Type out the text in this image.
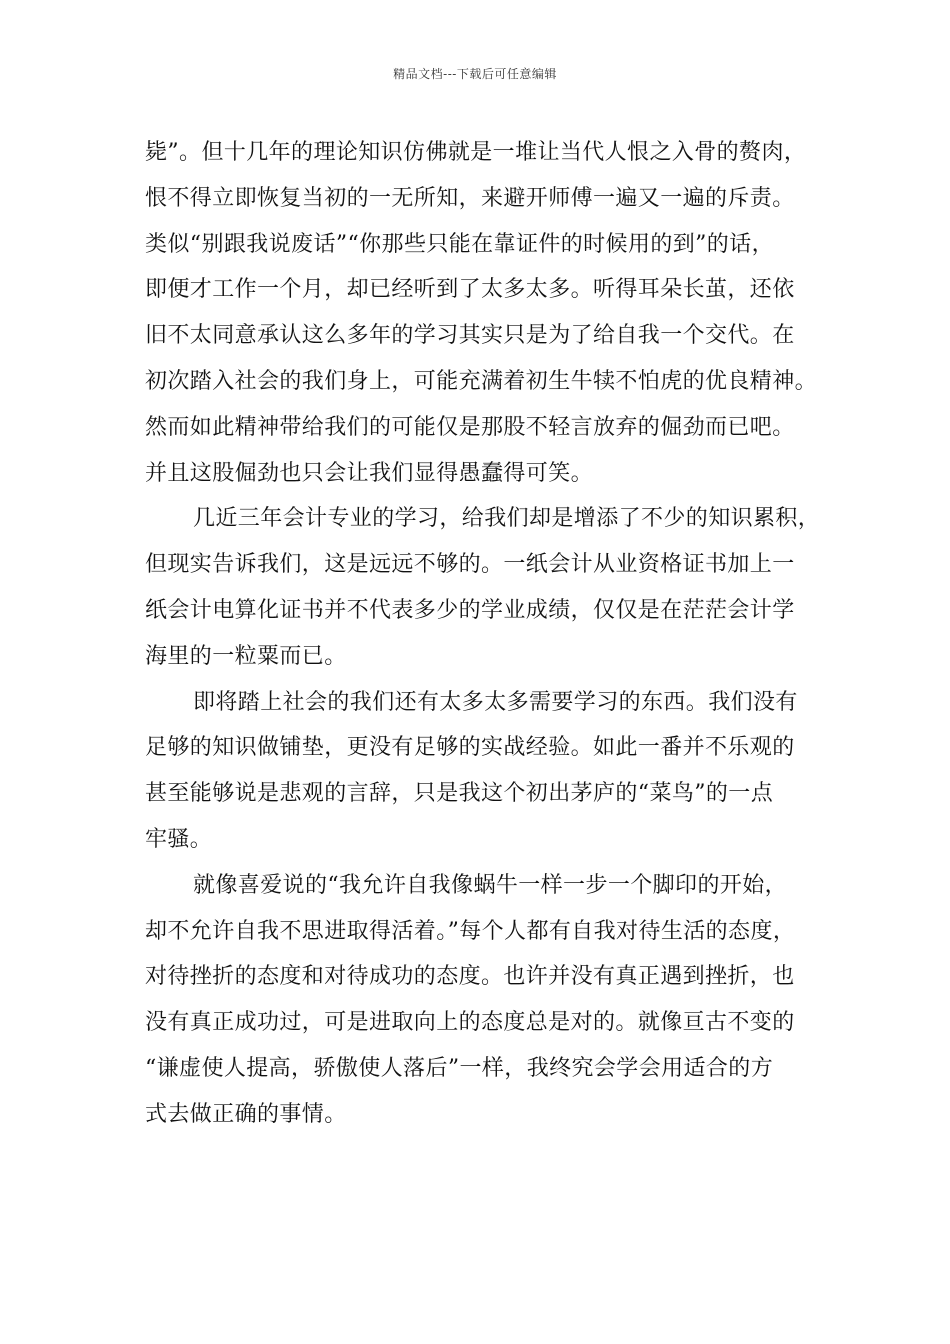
精品文档---下载后可任意编辑
毙”。但十几年的理论知识仿佛就是一堆让当代人恨之入骨的赘肉，
恨不得立即恢复当初的一无所知，来避开师傅一遍又一遍的斥责。
类似“别跟我说废话”“你那些只能在靠证件的时候用的到”的话，
即便才工作一个月，却已经听到了太多太多。听得耳朵长茧，还依
旧不太同意承认这么多年的学习其实只是为了给自我一个交代。在
初次踏入社会的我们身上，可能充满着初生牛犊不怕虎的优良精神。
然而如此精神带给我们的可能仅是那股不轻言放弃的倔劲而已吧。
并且这股倔劲也只会让我们显得愚蠢得可笑。
几近三年会计专业的学习，给我们却是增添了不少的知识累积，
但现实告诉我们，这是远远不够的。一纸会计从业资格证书加上一
纸会计电算化证书并不代表多少的学业成绩，仅仅是在茫茫会计学
海里的一粒粟而已。
即将踏上社会的我们还有太多太多需要学习的东西。我们没有
足够的知识做铺垫，更没有足够的实战经验。如此一番并不乐观的
甚至能够说是悲观的言辞，只是我这个初出茅庐的“菜鸟”的一点
牢骚。
就像喜爱说的“我允许自我像蜗牛一样一步一个脚印的开始，
却不允许自我不思进取得活着。”每个人都有自我对待生活的态度，
对待挫折的态度和对待成功的态度。也许并没有真正遇到挫折，也
没有真正成功过，可是进取向上的态度总是对的。就像亘古不变的
“谦虚使人提高，骄傲使人落后”一样，我终究会学会用适合的方
式去做正确的事情。
